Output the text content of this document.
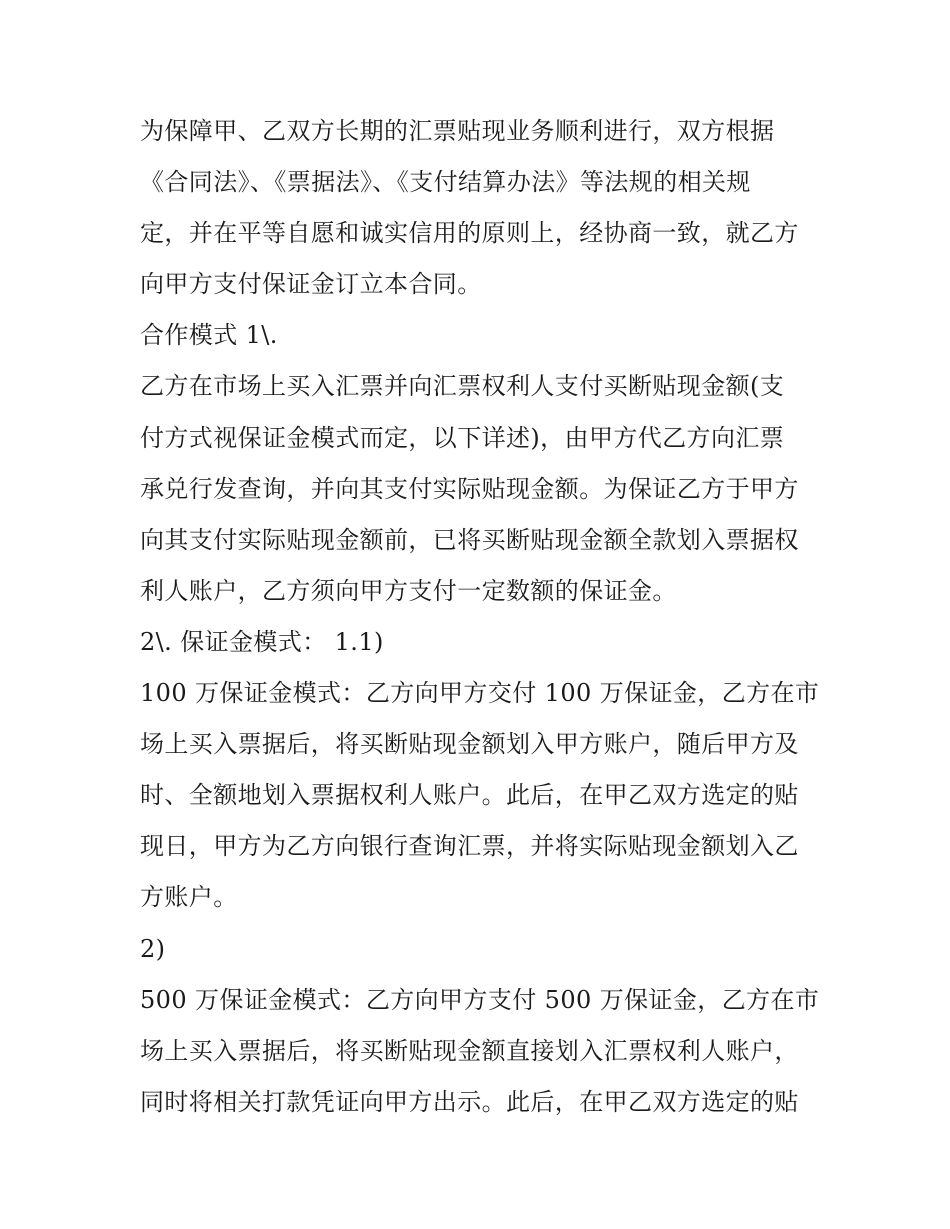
为保障甲、乙双方长期的汇票贴现业务顺利进行，双方根据
《合同法》、《票据法》、《支付结算办法》等法规的相关规
定，并在平等自愿和诚实信用的原则上，经协商一致，就乙方
向甲方支付保证金订立本合同。
合作模式 1\.
乙方在市场上买入汇票并向汇票权利人支付买断贴现金额(支
付方式视保证金模式而定，以下详述)，由甲方代乙方向汇票
承兑行发查询，并向其支付实际贴现金额。为保证乙方于甲方
向其支付实际贴现金额前，已将买断贴现金额全款划入票据权
利人账户，乙方须向甲方支付一定数额的保证金。
2\. 保证金模式： 1.1)
100 万保证金模式：乙方向甲方交付 100 万保证金，乙方在市
场上买入票据后，将买断贴现金额划入甲方账户，随后甲方及
时、全额地划入票据权利人账户。此后，在甲乙双方选定的贴
现日，甲方为乙方向银行查询汇票，并将实际贴现金额划入乙
方账户。
2)
500 万保证金模式：乙方向甲方支付 500 万保证金，乙方在市
场上买入票据后，将买断贴现金额直接划入汇票权利人账户，
同时将相关打款凭证向甲方出示。此后，在甲乙双方选定的贴
